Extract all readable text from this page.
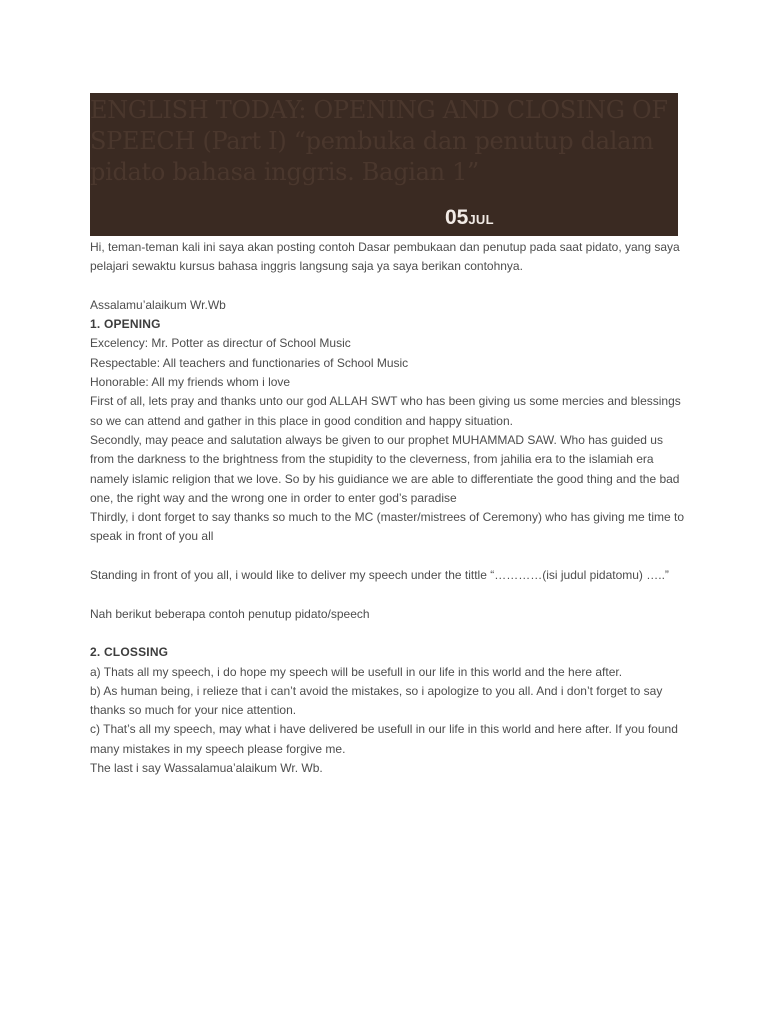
ENGLISH TODAY: OPENING AND CLOSING OF SPEECH (Part I) “pembuka dan penutup dalam pidato bahasa inggris. Bagian 1”
05JUL

Hi, teman-teman kali ini saya akan posting contoh Dasar pembukaan dan penutup pada saat pidato, yang saya pelajari sewaktu kursus bahasa inggris langsung saja ya saya berikan contohnya.

Assalamu’alaikum Wr.Wb

1. OPENING

Excelency: Mr. Potter as directur of School Music

Respectable: All teachers and functionaries of School Music

Honorable: All my friends whom i love

First of all, lets pray and thanks unto our god ALLAH SWT who has been giving us some mercies and blessings so we can attend and gather in this place in good condition and happy situation.

Secondly, may peace and salutation always be given to our prophet MUHAMMAD SAW. Who has guided us from the darkness to the brightness from the stupidity to the cleverness, from jahilia era to the islamiah era namely islamic religion that we love. So by his guidiance we are able to differentiate the good thing and the bad one, the right way and the wrong one in order to enter god’s paradise

Thirdly, i dont forget to say thanks so much to the MC (master/mistrees of Ceremony) who has giving me time to speak in front of you all

Standing in front of you all, i would like to deliver my speech under the tittle “…………(isi judul pidatomu) …..”

Nah berikut beberapa contoh penutup pidato/speech

2. CLOSSING

a) Thats all my speech, i do hope my speech will be usefull in our life in this world and the here after.

b) As human being, i relieze that i can’t avoid the mistakes, so i apologize to you all. And i don’t forget to say thanks so much for your nice attention.

c) That’s all my speech, may what i have delivered be usefull in our life in this world and here after. If you found many mistakes in my speech please forgive me.

The last i say Wassalamua’alaikum Wr. Wb.
